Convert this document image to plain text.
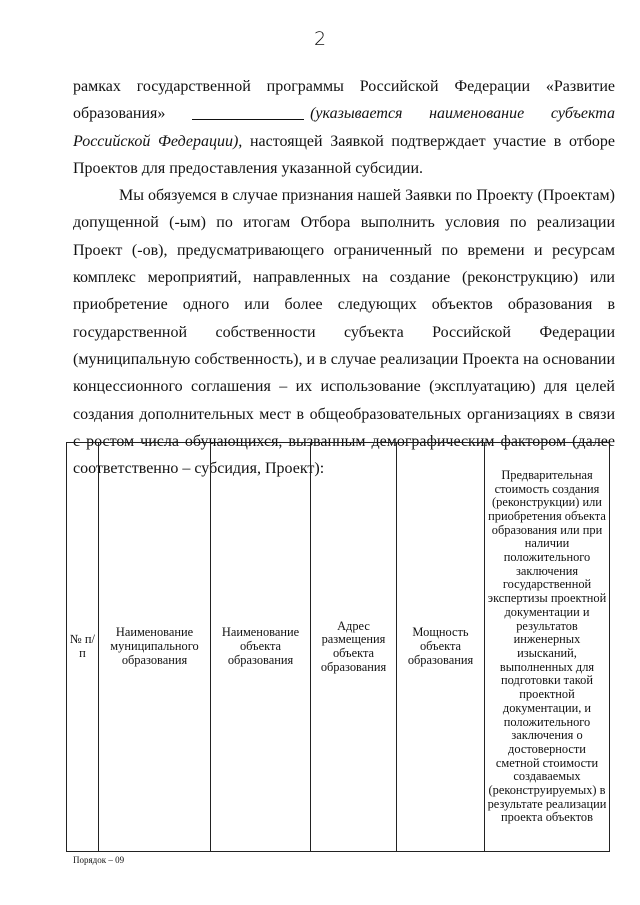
2

рамках государственной программы Российской Федерации «Развитие образования»	(указывается наименование субъекта Российской Федерации), настоящей Заявкой подтверждает участие в отборе Проектов для предоставления указанной субсидии.

Мы обязуемся в случае признания нашей Заявки по Проекту (Проектам) допущенной (-ым) по итогам Отбора выполнить условия по реализации Проект (-ов), предусматривающего ограниченный по времени и ресурсам комплекс мероприятий, направленных на создание (реконструкцию) или приобретение одного или более следующих объектов образования в государственной собственности субъекта Российской Федерации (муниципальную собственность), и в случае реализации Проекта на основании концессионного соглашения – их использование (эксплуатацию) для целей создания дополнительных мест в общеобразовательных организациях в связи с ростом числа обучающихся, вызванным демографическим фактором (далее соответственно – субсидия, Проект):

№ п/п	Наименование муниципального образования	Наименование объекта образования	Адрес размещения объекта образования	Мощность объекта образования	Предварительная стоимость создания (реконструкции) или приобретения объекта образования или при наличии положительного заключения государственной экспертизы проектной документации и результатов инженерных изысканий, выполненных для подготовки такой проектной документации, и положительного заключения о достоверности сметной стоимости создаваемых (реконструируемых) в результате реализации проекта объектов
Порядок – 09
